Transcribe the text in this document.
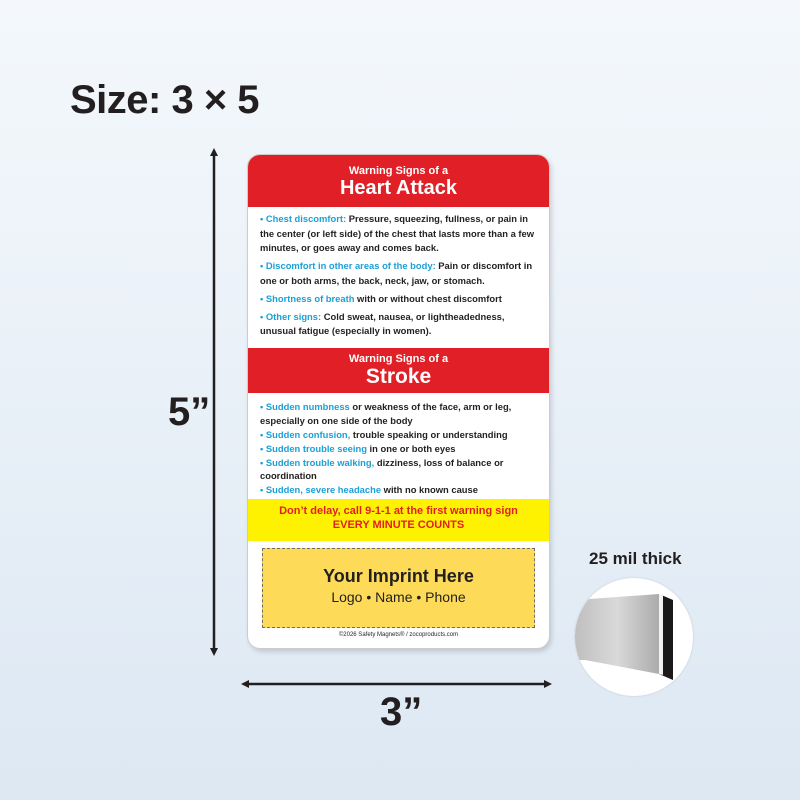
Size: 3 × 5
5”
3”
Warning Signs of a
Heart Attack
• Chest discomfort: Pressure, squeezing, fullness, or pain in the center (or left side) of the chest that lasts more than a few minutes, or goes away and comes back.
• Discomfort in other areas of the body: Pain or discomfort in one or both arms, the back, neck, jaw, or stomach.
• Shortness of breath with or without chest discomfort
• Other signs: Cold sweat, nausea, or lightheadedness, unusual fatigue (especially in women).
Warning Signs of a
Stroke
• Sudden numbness or weakness of the face, arm or leg, especially on one side of the body
• Sudden confusion, trouble speaking or understanding
• Sudden trouble seeing in one or both eyes
• Sudden trouble walking, dizziness, loss of balance or coordination
• Sudden, severe headache with no known cause
Don’t delay, call 9-1-1 at the first warning sign
EVERY MINUTE COUNTS
Your Imprint Here
Logo • Name • Phone
©2026 Safety Magnets® / zocoproducts.com
25 mil thick
